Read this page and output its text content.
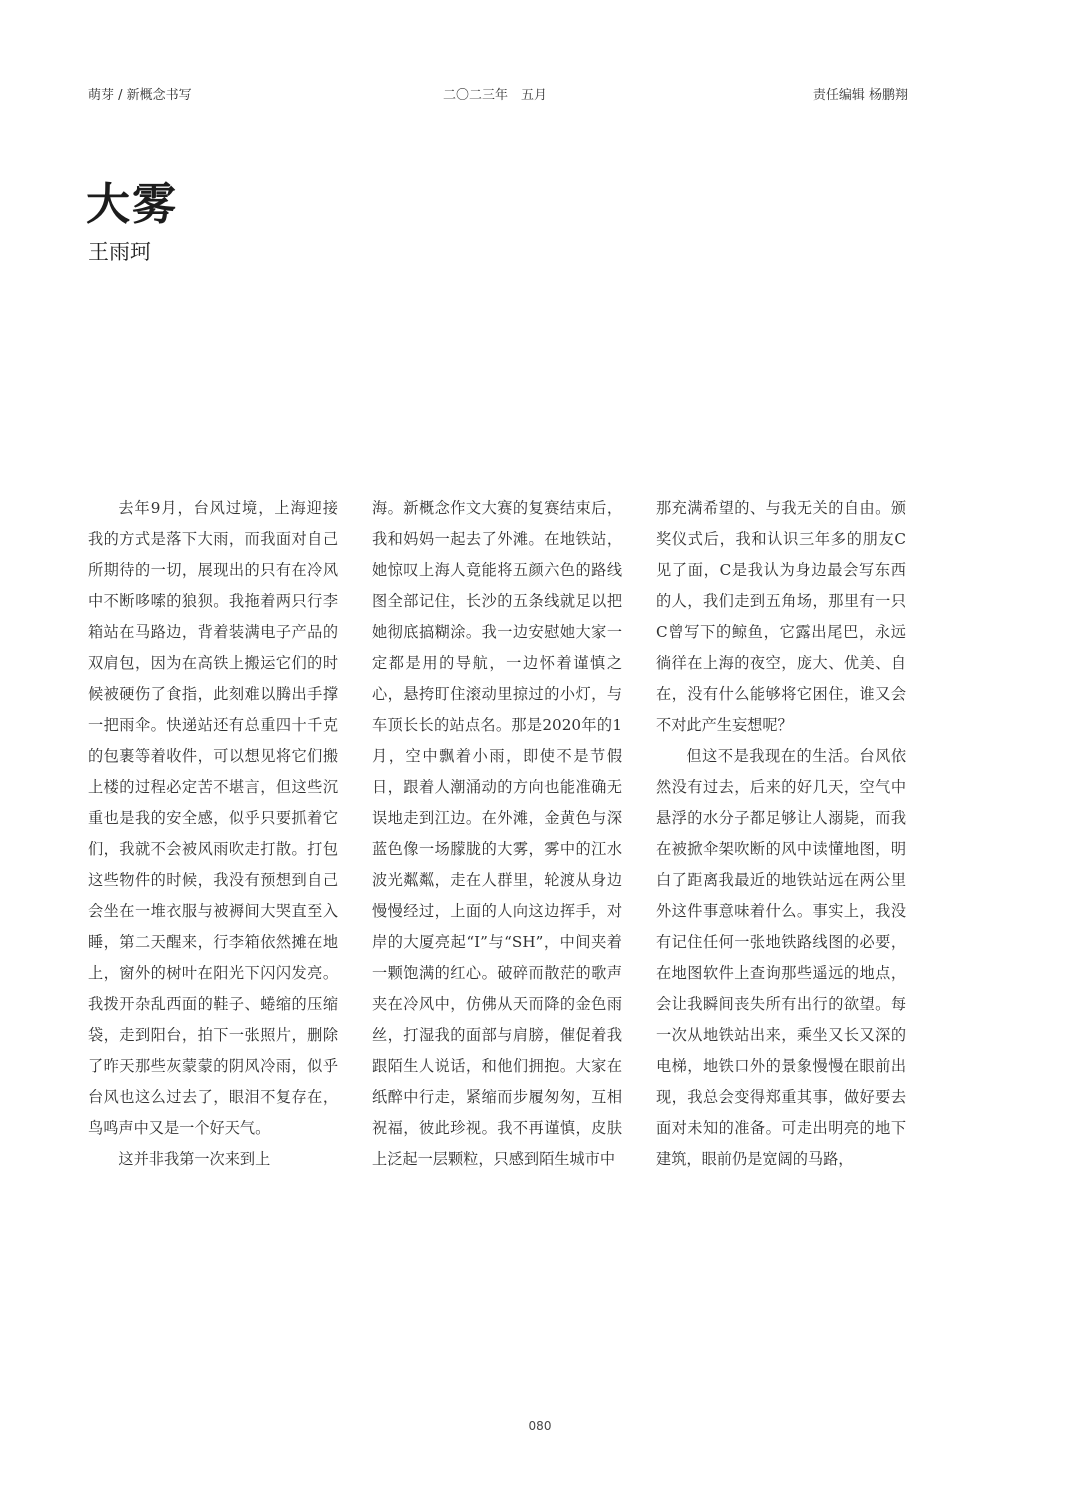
萌芽 / 新概念书写	二〇二三年　五月	责任编辑 杨鹏翔
大雾
王雨珂

去年9月，台风过境，上海迎接我的方式是落下大雨，而我面对自己所期待的一切，展现出的只有在冷风中不断哆嗦的狼狈。我拖着两只行李箱站在马路边，背着装满电子产品的双肩包，因为在高铁上搬运它们的时候被硬伤了食指，此刻难以腾出手撑一把雨伞。快递站还有总重四十千克的包裹等着收件，可以想见将它们搬上楼的过程必定苦不堪言，但这些沉重也是我的安全感，似乎只要抓着它们，我就不会被风雨吹走打散。打包这些物件的时候，我没有预想到自己会坐在一堆衣服与被褥间大哭直至入睡，第二天醒来，行李箱依然摊在地上，窗外的树叶在阳光下闪闪发亮。我拨开杂乱西面的鞋子、蜷缩的压缩袋，走到阳台，拍下一张照片，删除了昨天那些灰蒙蒙的阴风冷雨，似乎台风也这么过去了，眼泪不复存在，鸟鸣声中又是一个好天气。

这并非我第一次来到上

海。新概念作文大赛的复赛结束后，我和妈妈一起去了外滩。在地铁站，她惊叹上海人竟能将五颜六色的路线图全部记住，长沙的五条线就足以把她彻底搞糊涂。我一边安慰她大家一定都是用的导航，一边怀着谨慎之心，悬挎盯住滚动里掠过的小灯，与车顶长长的站点名。那是2020年的1月，空中飘着小雨，即使不是节假日，跟着人潮涌动的方向也能准确无误地走到江边。在外滩，金黄色与深蓝色像一场朦胧的大雾，雾中的江水波光粼粼，走在人群里，轮渡从身边慢慢经过，上面的人向这边挥手，对岸的大厦亮起“I”与“SH”，中间夹着一颗饱满的红心。破碎而散茫的歌声夹在冷风中，仿佛从天而降的金色雨丝，打湿我的面部与肩膀，催促着我跟陌生人说话，和他们拥抱。大家在纸醉中行走，紧缩而步履匆匆，互相祝福，彼此珍视。我不再谨慎，皮肤上泛起一层颗粒，只感到陌生城市中

那充满希望的、与我无关的自由。颁奖仪式后，我和认识三年多的朋友C见了面，C是我认为身边最会写东西的人，我们走到五角场，那里有一只C曾写下的鲸鱼，它露出尾巴，永远徜徉在上海的夜空，庞大、优美、自在，没有什么能够将它困住，谁又会不对此产生妄想呢？

但这不是我现在的生活。台风依然没有过去，后来的好几天，空气中悬浮的水分子都足够让人溺毙，而我在被掀伞架吹断的风中读懂地图，明白了距离我最近的地铁站远在两公里外这件事意味着什么。事实上，我没有记住任何一张地铁路线图的必要，在地图软件上查询那些遥远的地点，会让我瞬间丧失所有出行的欲望。每一次从地铁站出来，乘坐又长又深的电梯，地铁口外的景象慢慢在眼前出现，我总会变得郑重其事，做好要去面对未知的准备。可走出明亮的地下建筑，眼前仍是宽阔的马路，

080
